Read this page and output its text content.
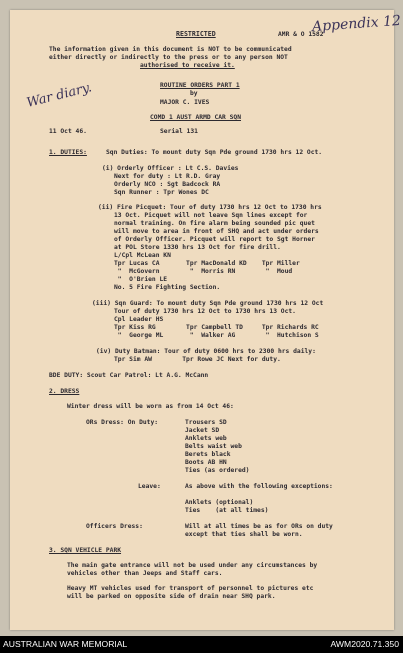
RESTRICTED	AMR & O 1582
Appendix 12
The information given in this document is NOT to be communicated
either directly or indirectly to the press or to any person NOT
authorised to receive it.
War diary.	ROUTINE ORDERS PART 1
by
MAJOR C. IVES
COMD 1 AUST ARMD CAR SQN
11 Oct 46.	Serial 131
1. DUTIES:	Sqn Duties: To mount duty Sqn Pde ground 1730 hrs 12 Oct.
(i) Orderly Officer : Lt C.S. Davies
Next for duty : Lt R.D. Gray
Orderly NCO : Sgt Badcock RA
Sqn Runner : Tpr Wones DC
(ii) Fire Picquet: Tour of duty 1730 hrs 12 Oct to 1730 hrs
13 Oct. Picquet will not leave Sqn lines except for
normal training. On fire alarm being sounded pic quet
will move to area in front of SHQ and act under orders
of Orderly Officer. Picquet will report to Sgt Horner
at POL Store 1330 hrs 13 Oct for fire drill.
L/Cpl McLean KN
Tpr Lucas CA       Tpr MacDonald KD    Tpr Miller
"  McGovern        "  Morris RN        "  Moud
"  O'Brien LE
No. 5 Fire Fighting Section.
(iii) Sqn Guard: To mount duty Sqn Pde ground 1730 hrs 12 Oct
Tour of duty 1730 hrs 12 Oct to 1730 hrs 13 Oct.
Cpl Leader HS
Tpr Kiss RG        Tpr Campbell TD     Tpr Richards RC
"  George ML       "  Walker AG        "  Hutchison S
(iv) Duty Batman: Tour of duty 0600 hrs to 2300 hrs daily:
Tpr Sim AW        Tpr Rowe JC Next for duty.
BDE DUTY: Scout Car Patrol: Lt A.G. McCann
2. DRESS
Winter dress will be worn as from 14 Oct 46:
ORs Dress: On Duty:	Trousers SD
Jacket SD
Anklets web
Belts waist web
Berets black
Boots AB HN
Ties (as ordered)
Leave:	As above with the following exceptions:
Anklets (optional)
Ties    (at all times)
Officers Dress:	Will at all times be as for ORs on duty
except that ties shall be worn.
3. SQN VEHICLE PARK
The main gate entrance will not be used under any circumstances by
vehicles other than Jeeps and Staff cars.
Heavy MT vehicles used for transport of personnel to pictures etc
will be parked on opposite side of drain near SHQ park.
AUSTRALIAN WAR MEMORIAL	AWM2020.71.350
